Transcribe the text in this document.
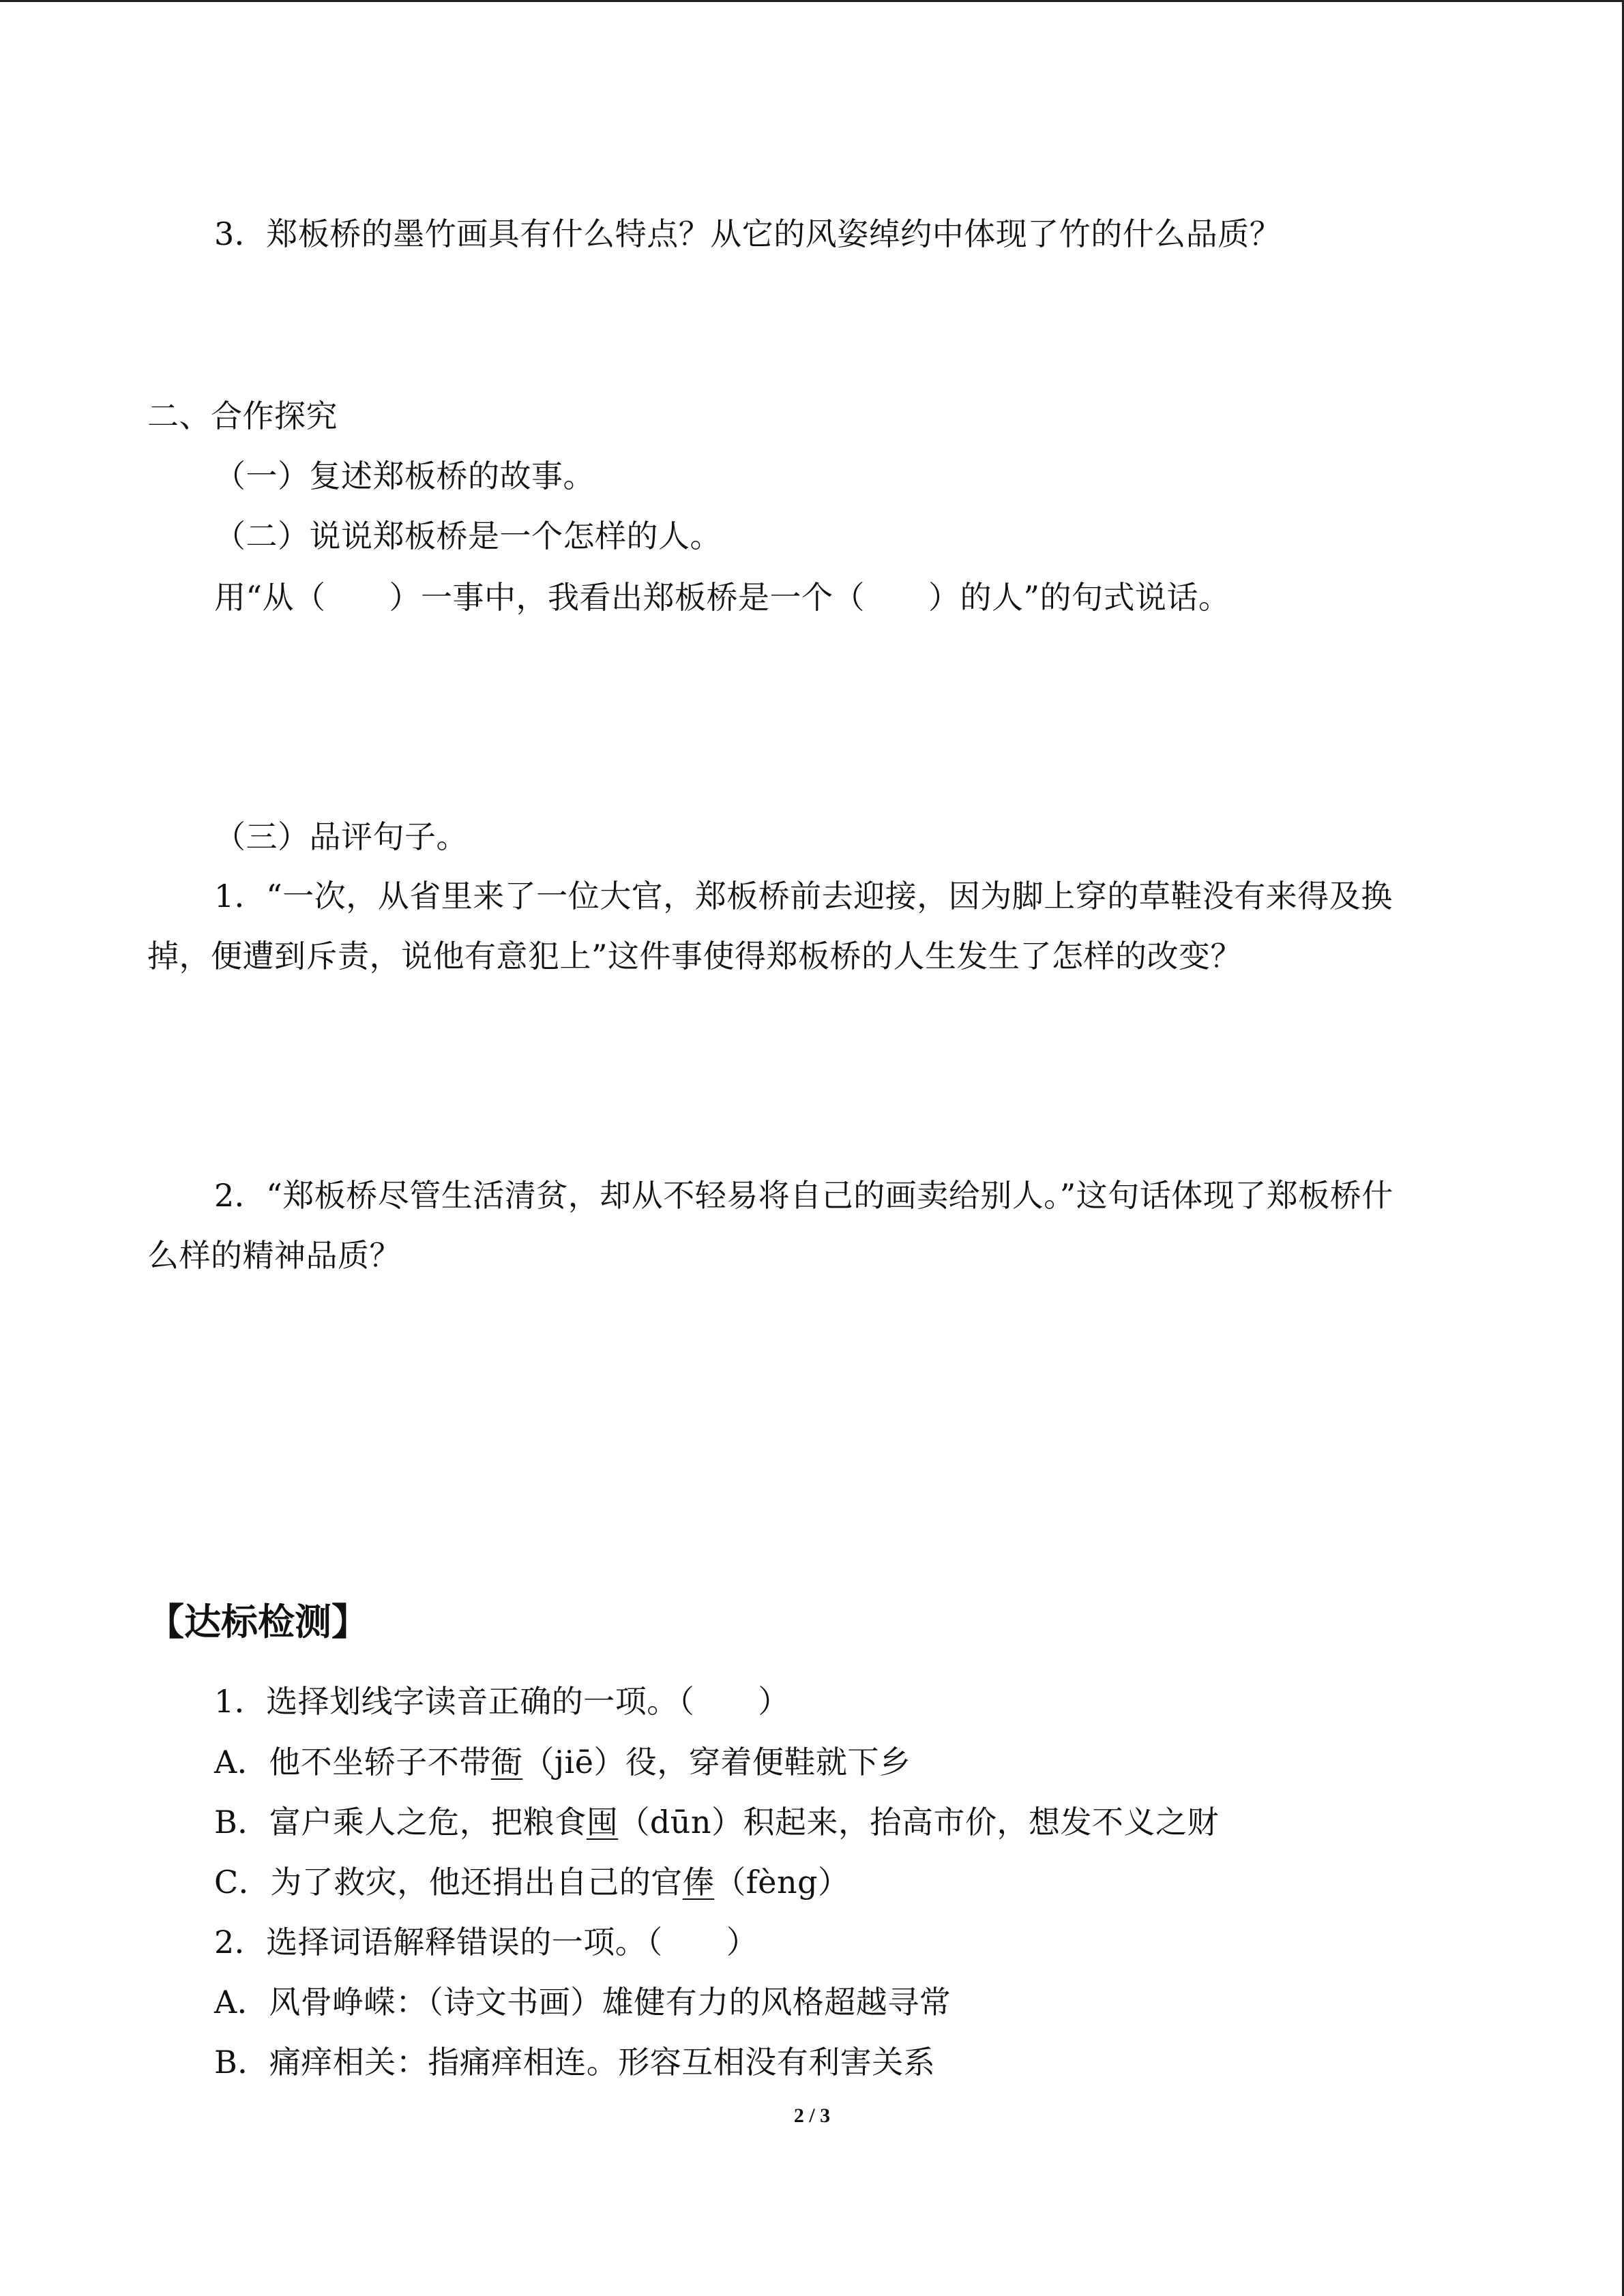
3．郑板桥的墨竹画具有什么特点？从它的风姿绰约中体现了竹的什么品质？
二、合作探究
（一）复述郑板桥的故事。
（二）说说郑板桥是一个怎样的人。
用“从（　　）一事中，我看出郑板桥是一个（　　）的人”的句式说话。
（三）品评句子。
1．“一次，从省里来了一位大官，郑板桥前去迎接，因为脚上穿的草鞋没有来得及换
掉，便遭到斥责，说他有意犯上”这件事使得郑板桥的人生发生了怎样的改变？
2．“郑板桥尽管生活清贫，却从不轻易将自己的画卖给别人。”这句话体现了郑板桥什
么样的精神品质？
【达标检测】
1．选择划线字读音正确的一项。（　　）
A．他不坐轿子不带衙（jiē）役，穿着便鞋就下乡
B．富户乘人之危，把粮食囤（dūn）积起来，抬高市价，想发不义之财
C．为了救灾，他还捐出自己的官俸（fèng）
2．选择词语解释错误的一项。（　　）
A．风骨峥嵘：（诗文书画）雄健有力的风格超越寻常
B．痛痒相关：指痛痒相连。形容互相没有利害关系
2 / 3
